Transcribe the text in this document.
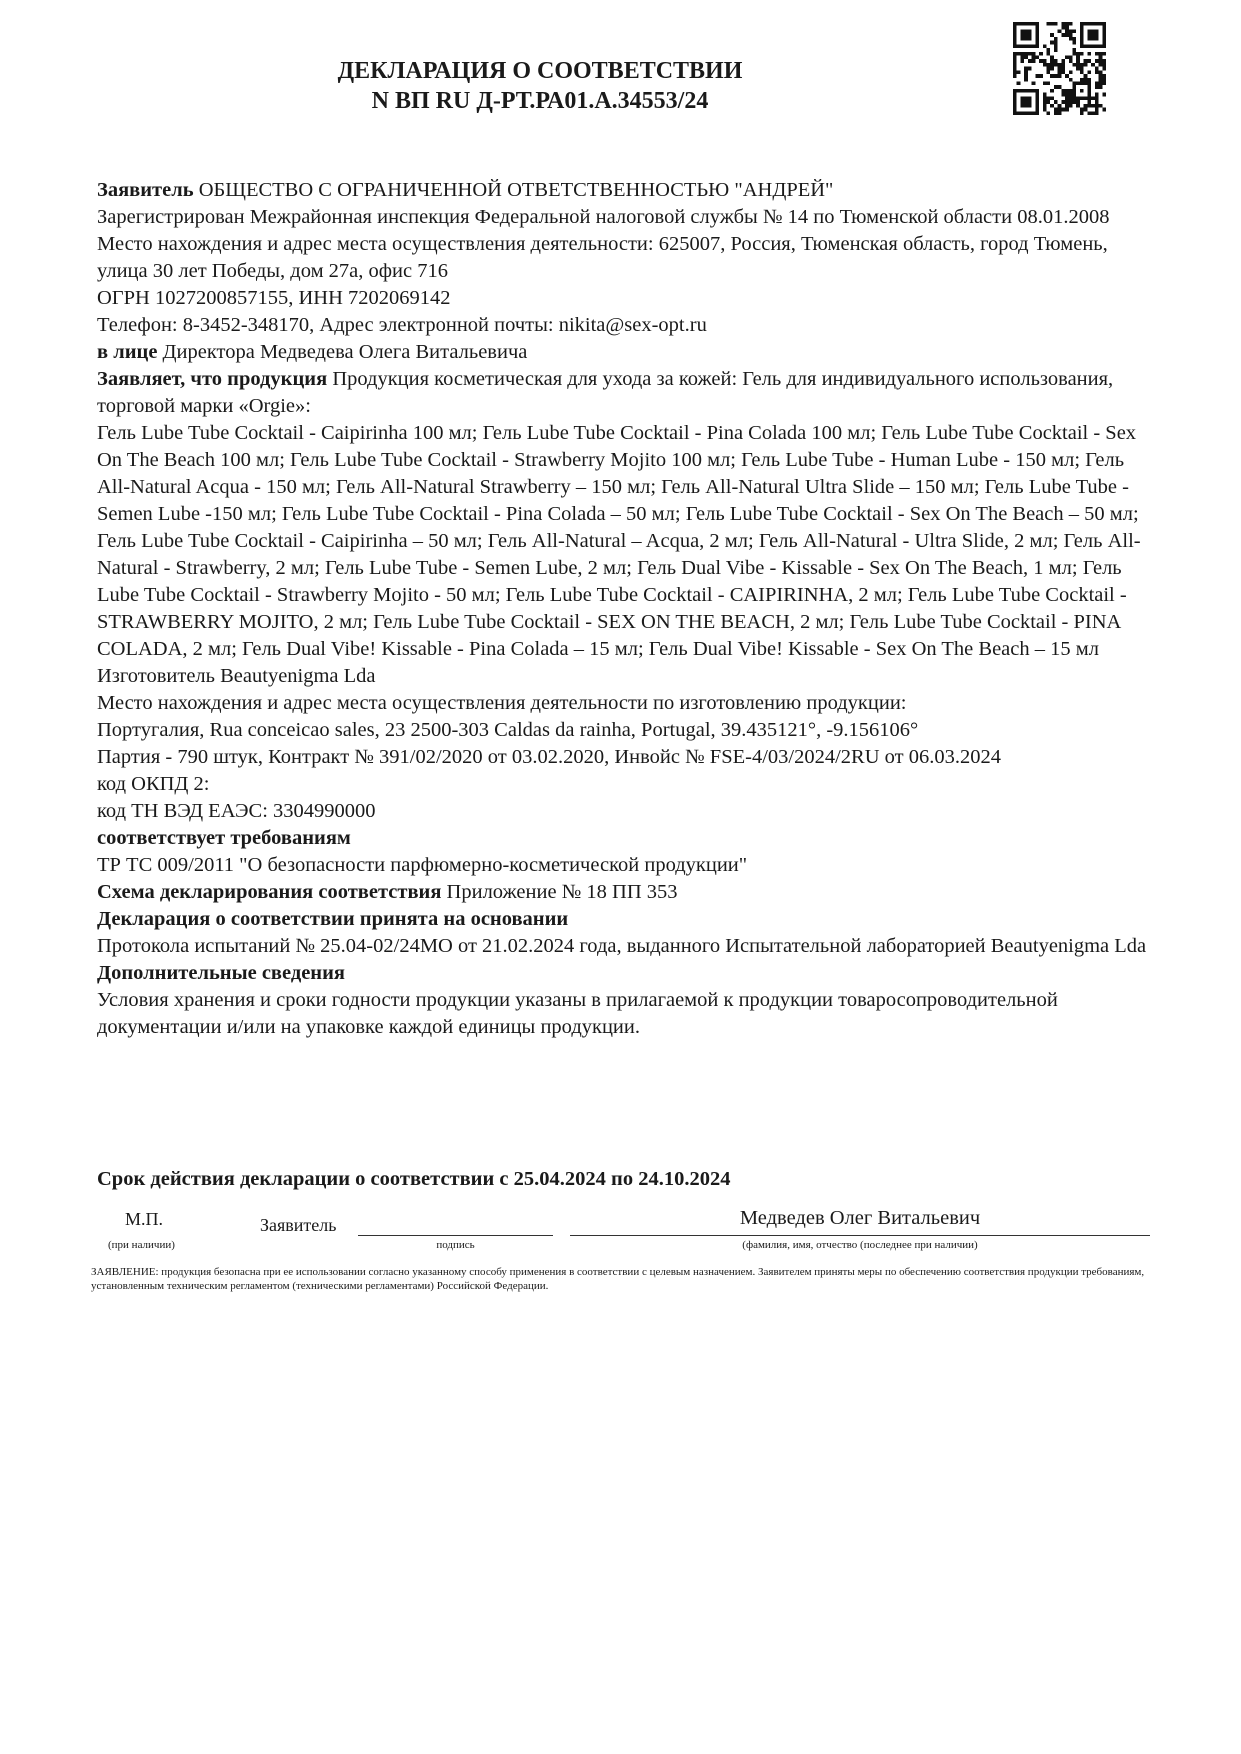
ДЕКЛАРАЦИЯ О СООТВЕТСТВИИ
N ВП RU Д-РТ.РА01.А.34553/24

Заявитель ОБЩЕСТВО С ОГРАНИЧЕННОЙ ОТВЕТСТВЕННОСТЬЮ "АНДРЕЙ"

Зарегистрирован Межрайонная инспекция Федеральной налоговой службы № 14 по Тюменской области 08.01.2008

Место нахождения и адрес места осуществления деятельности: 625007, Россия, Тюменская область, город Тюмень, улица 30 лет Победы, дом 27а, офис 716

ОГРН 1027200857155, ИНН 7202069142

Телефон: 8-3452-348170, Адрес электронной почты: nikita@sex-opt.ru

в лице Директора Медведева Олега Витальевича

Заявляет, что продукция Продукция косметическая для ухода за кожей: Гель для индивидуального использования, торговой марки «Orgie»:

Гель Lube Tube Cocktail - Caipirinha 100 мл; Гель Lube Tube Cocktail - Pina Colada 100 мл; Гель Lube Tube Cocktail - Sex On The Beach 100 мл; Гель Lube Tube Cocktail - Strawberry Mojito 100 мл; Гель Lube Tube - Human Lube - 150 мл; Гель All-Natural Acqua - 150 мл; Гель All-Natural Strawberry – 150 мл; Гель All-Natural Ultra Slide – 150 мл; Гель Lube Tube - Semen Lube -150 мл; Гель Lube Tube Cocktail - Pina Colada – 50 мл; Гель Lube Tube Cocktail - Sex On The Beach – 50 мл; Гель Lube Tube Cocktail - Caipirinha – 50 мл; Гель All-Natural – Acqua, 2 мл; Гель All-Natural - Ultra Slide, 2 мл; Гель All-Natural - Strawberry, 2 мл; Гель Lube Tube - Semen Lube, 2 мл; Гель Dual Vibe - Kissable - Sex On The Beach, 1 мл; Гель Lube Tube Cocktail - Strawberry Mojito - 50 мл; Гель Lube Tube Cocktail - CAIPIRINHA, 2 мл; Гель Lube Tube Cocktail - STRAWBERRY MOJITO, 2 мл; Гель Lube Tube Cocktail - SEX ON THE BEACH, 2 мл; Гель Lube Tube Cocktail - PINA COLADA, 2 мл; Гель Dual Vibe! Kissable - Pina Colada – 15 мл; Гель Dual Vibe! Kissable - Sex On The Beach – 15 мл

Изготовитель Beautyenigma Lda

Место нахождения и адрес места осуществления деятельности по изготовлению продукции:

Португалия, Rua conceicao sales, 23 2500-303 Caldas da rainha, Portugal, 39.435121°, -9.156106°

Партия - 790 штук, Контракт № 391/02/2020 от 03.02.2020, Инвойс № FSE-4/03/2024/2RU от 06.03.2024

код ОКПД 2:

код ТН ВЭД ЕАЭС: 3304990000

соответствует требованиям

ТР ТС 009/2011 "О безопасности парфюмерно-косметической продукции"

Схема декларирования соответствия Приложение № 18 ПП 353

Декларация о соответствии принята на основании

Протокола испытаний № 25.04-02/24МО от 21.02.2024 года, выданного Испытательной лабораторией Beautyenigma Lda

Дополнительные сведения

Условия хранения и сроки годности продукции указаны в прилагаемой к продукции товаросопроводительной документации и/или на упаковке каждой единицы продукции.

Срок действия декларации о соответствии с 25.04.2024 по 24.10.2024
М.П.
(при наличии)
Заявитель
подпись
Медведев Олег Витальевич
(фамилия, имя, отчество (последнее при наличии)
ЗАЯВЛЕНИЕ: продукция безопасна при ее использовании согласно указанному способу применения в соответствии с целевым назначением. Заявителем приняты меры по обеспечению соответствия продукции требованиям, установленным техническим регламентом (техническими регламентами) Российской Федерации.
